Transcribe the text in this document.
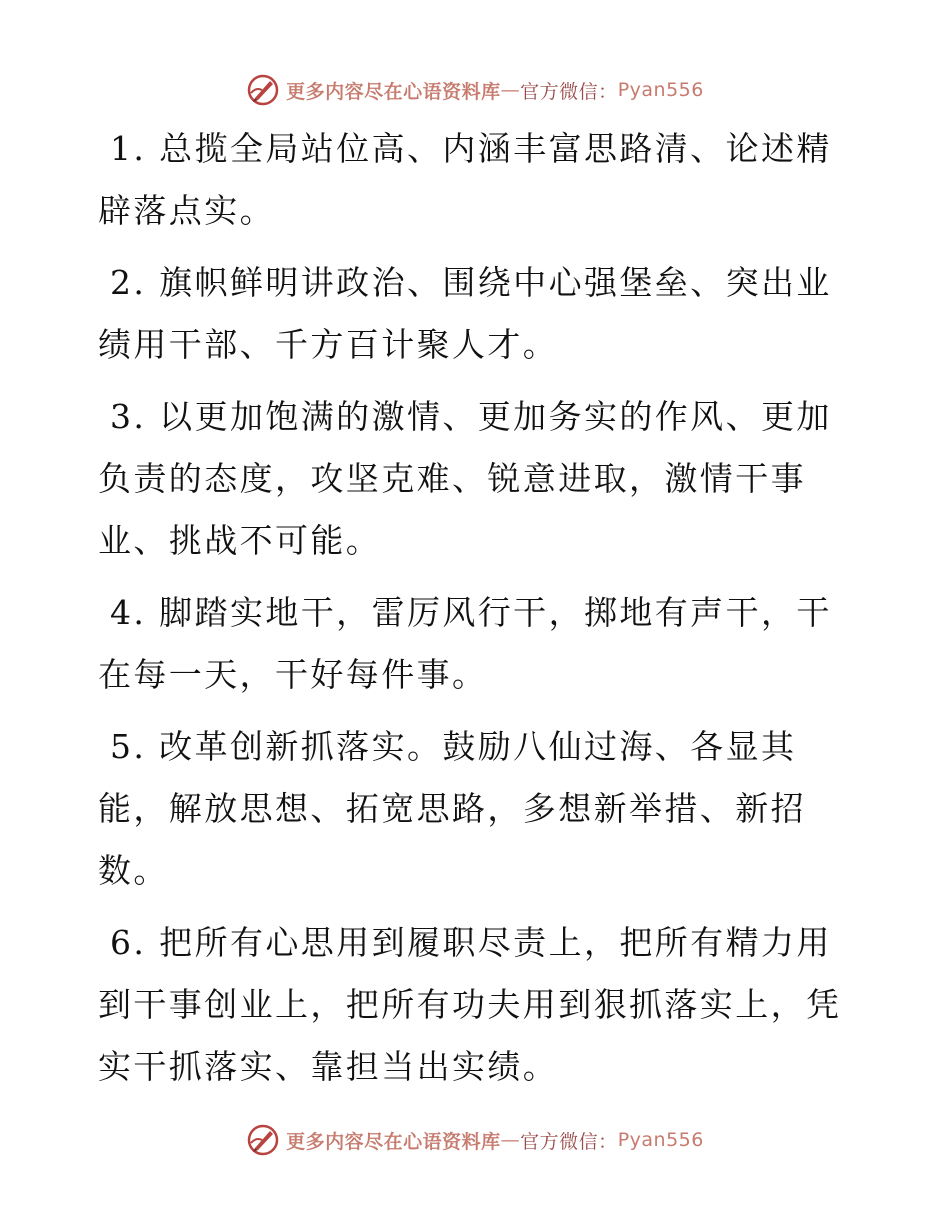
更多内容尽在心语资料库 — 官方微信： Pyan556

1. 总揽全局站位高、内涵丰富思路清、论述精辟落点实。

2. 旗帜鲜明讲政治、围绕中心强堡垒、突出业绩用干部、千方百计聚人才。

3. 以更加饱满的激情、更加务实的作风、更加负责的态度，攻坚克难、锐意进取，激情干事业、挑战不可能。

4. 脚踏实地干，雷厉风行干，掷地有声干，干在每一天，干好每件事。

5. 改革创新抓落实。鼓励八仙过海、各显其能，解放思想、拓宽思路，多想新举措、新招数。

6. 把所有心思用到履职尽责上，把所有精力用到干事创业上，把所有功夫用到狠抓落实上，凭实干抓落实、靠担当出实绩。

更多内容尽在心语资料库 — 官方微信： Pyan556
